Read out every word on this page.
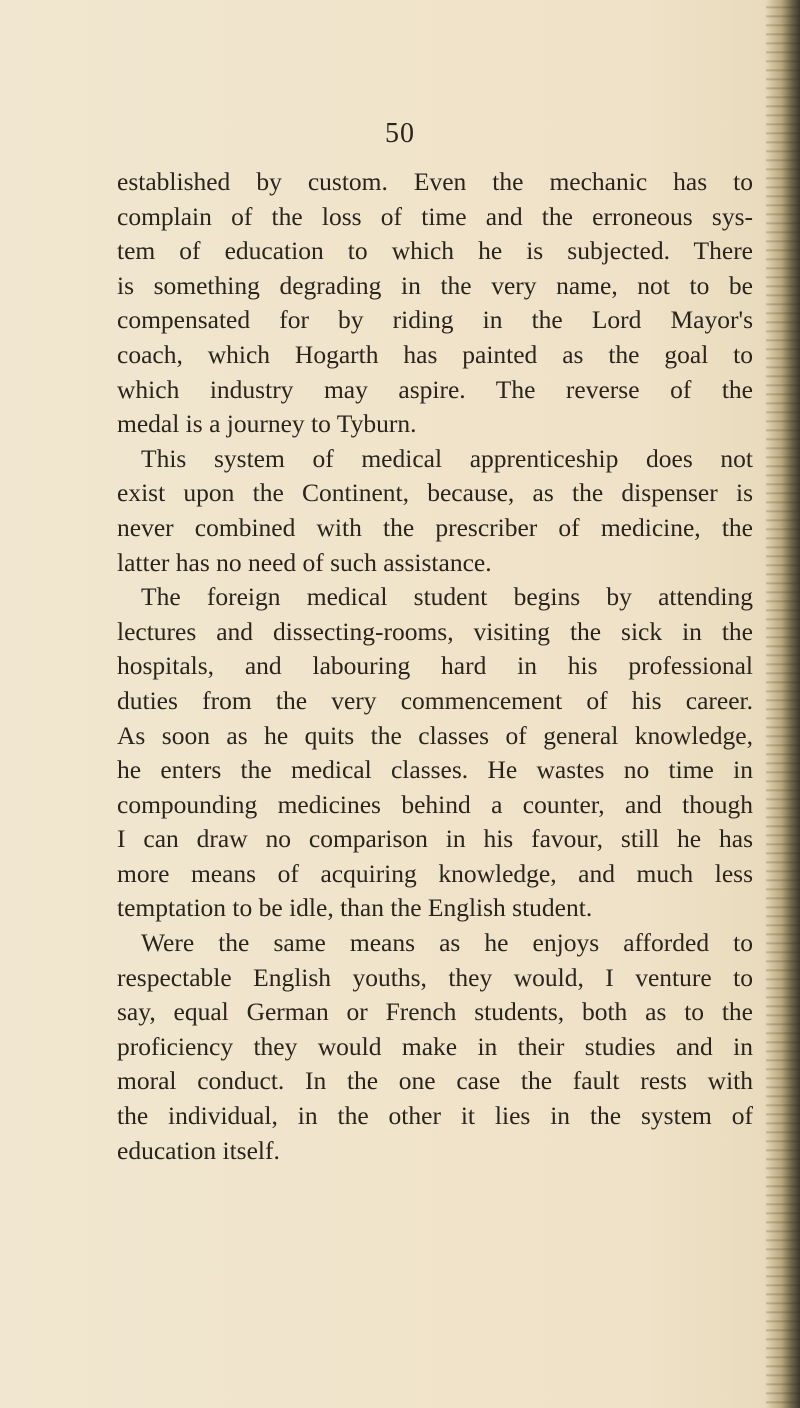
50
established by custom. Even the mechanic has to
complain of the loss of time and the erroneous sys-
tem of education to which he is subjected. There
is something degrading in the very name, not to be
compensated for by riding in the Lord Mayor's
coach, which Hogarth has painted as the goal to
which industry may aspire. The reverse of the
medal is a journey to Tyburn.
This system of medical apprenticeship does not
exist upon the Continent, because, as the dispenser is
never combined with the prescriber of medicine, the
latter has no need of such assistance.
The foreign medical student begins by attending
lectures and dissecting-rooms, visiting the sick in the
hospitals, and labouring hard in his professional
duties from the very commencement of his career.
As soon as he quits the classes of general knowledge,
he enters the medical classes. He wastes no time in
compounding medicines behind a counter, and though
I can draw no comparison in his favour, still he has
more means of acquiring knowledge, and much less
temptation to be idle, than the English student.
Were the same means as he enjoys afforded to
respectable English youths, they would, I venture to
say, equal German or French students, both as to the
proficiency they would make in their studies and in
moral conduct. In the one case the fault rests with
the individual, in the other it lies in the system of
education itself.
